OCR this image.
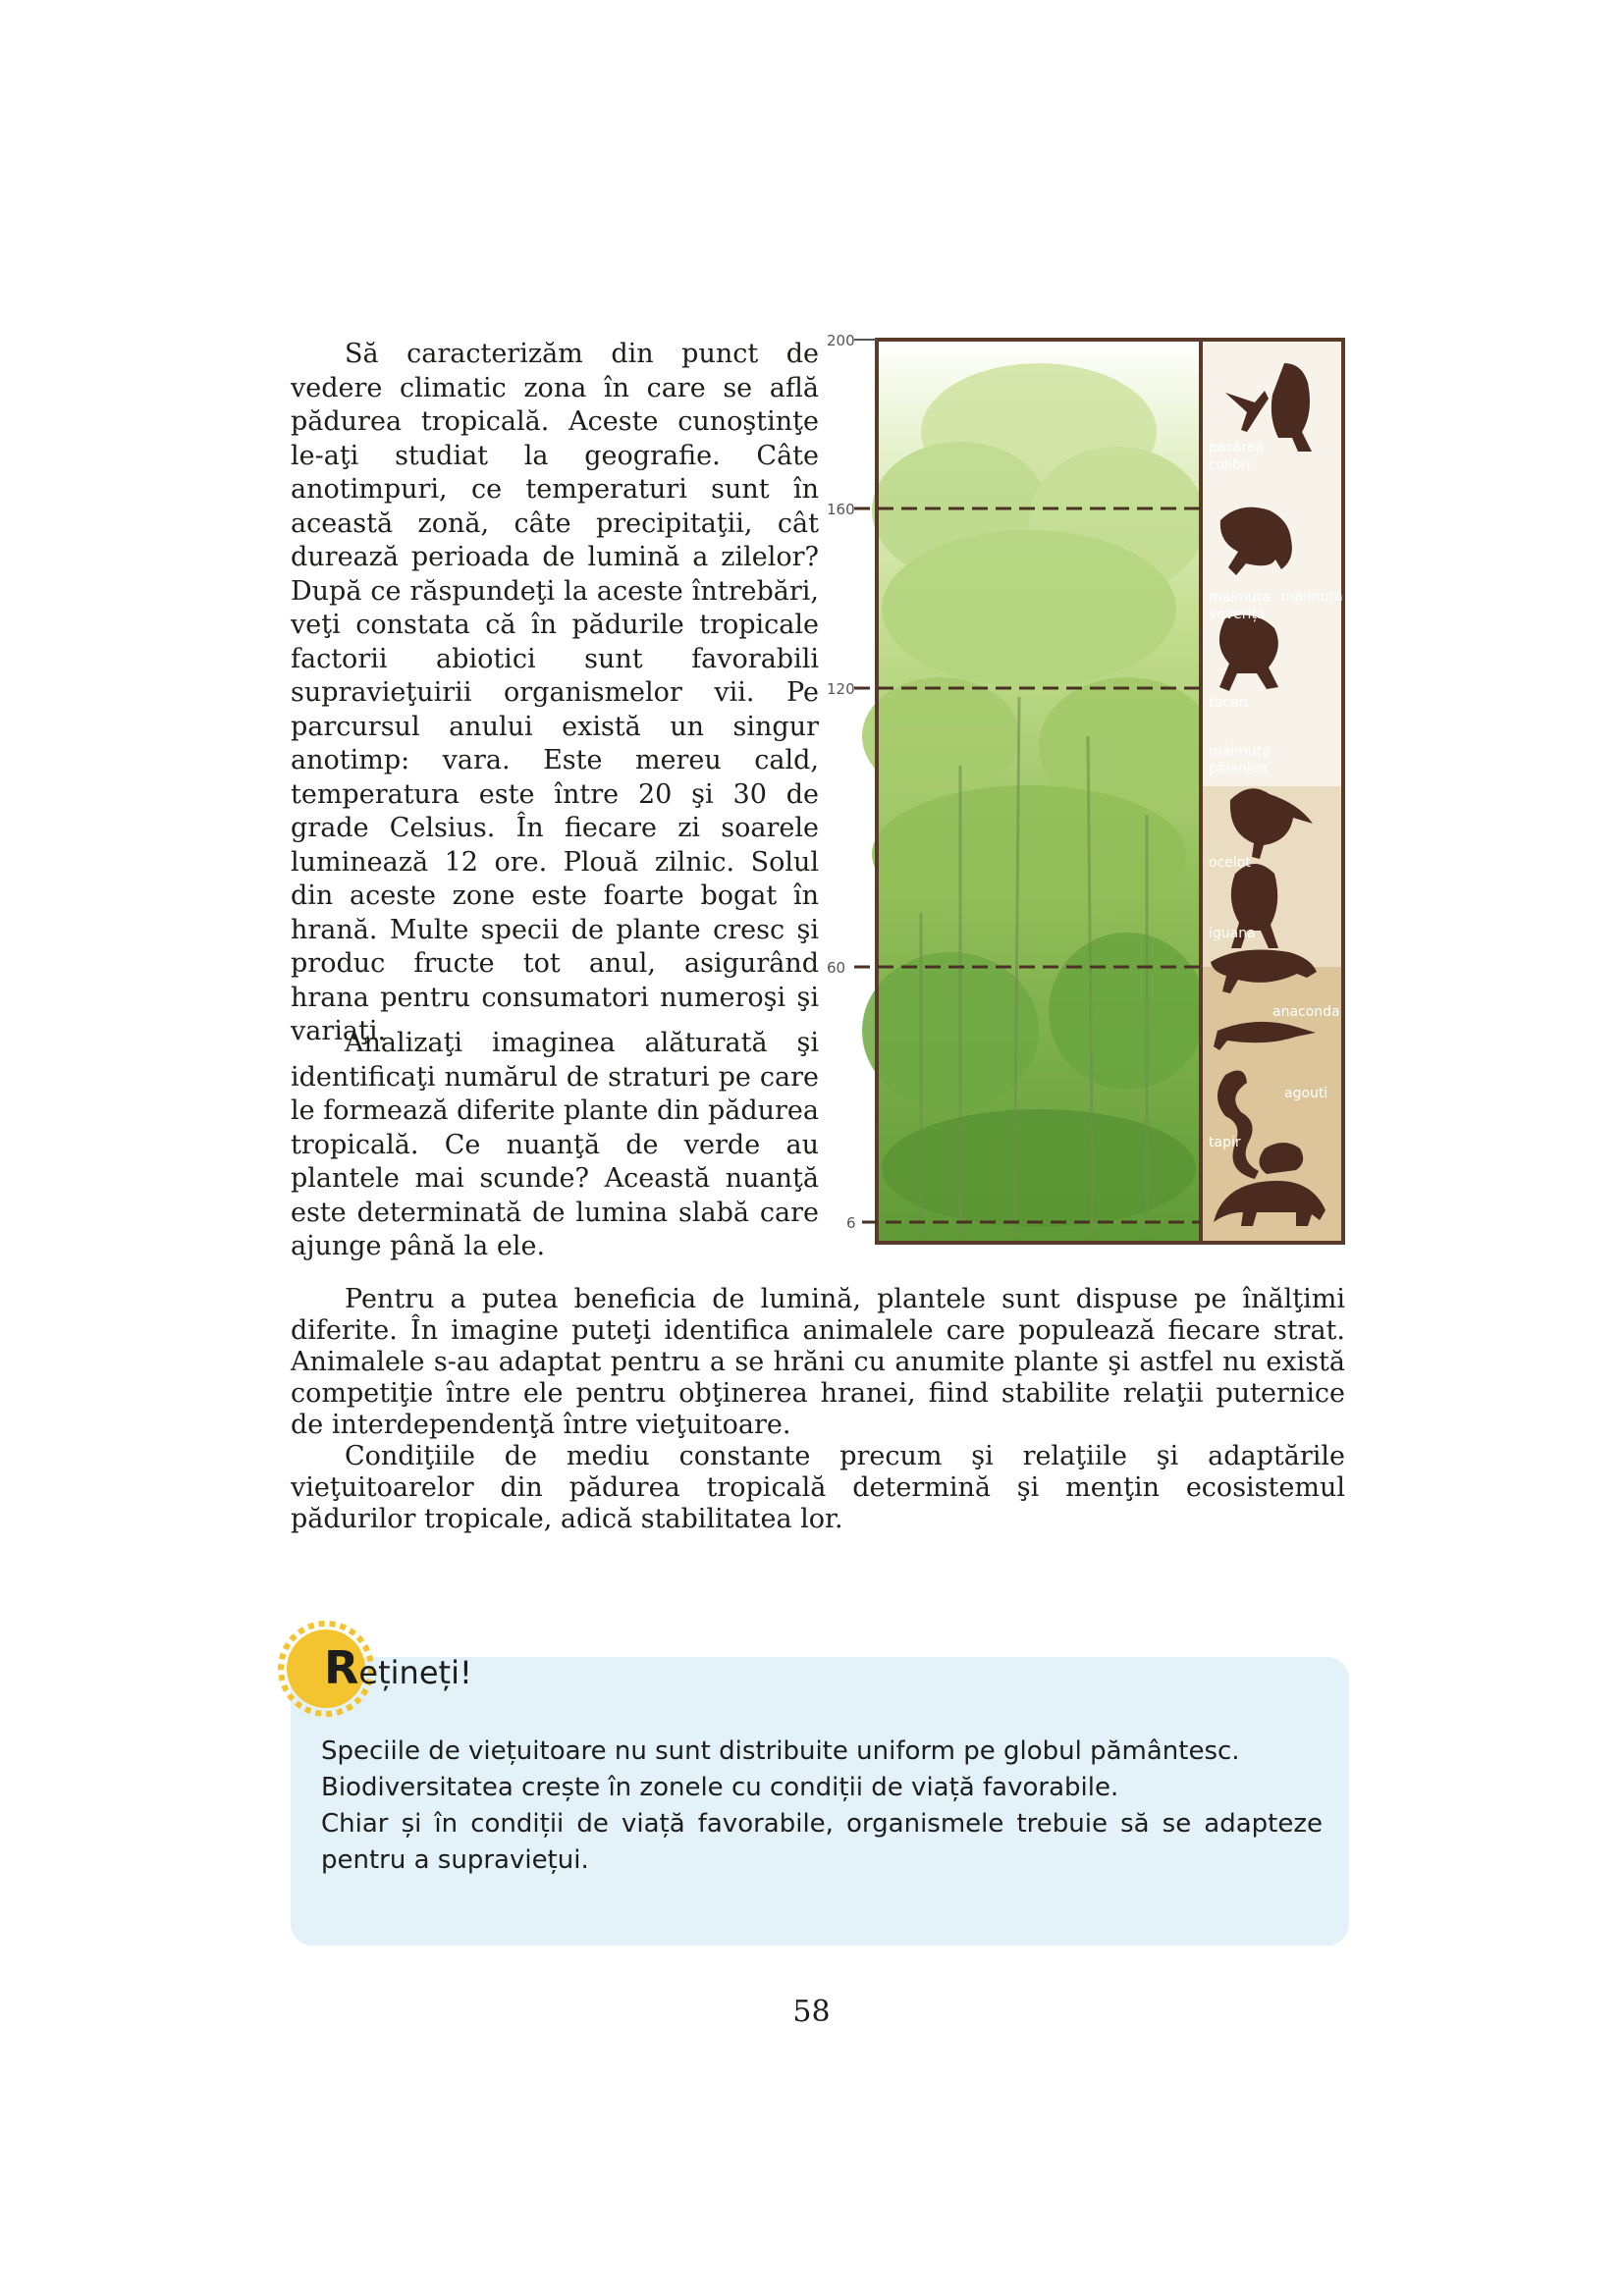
Să caracterizăm din punct de vedere climatic zona în care se află pădurea tropicală. Aceste cunoştinţe le-aţi studiat la geografie. Câte anotimpuri, ce temperaturi sunt în această zonă, câte precipitaţii, cât durează perioada de lumină a zilelor? După ce răspundeţi la aceste întrebări, veţi constata că în pădurile tropicale factorii abiotici sunt favorabili supravieţuirii organismelor vii. Pe parcursul anului există un singur anotimp: vara. Este mereu cald, temperatura este între 20 şi 30 de grade Celsius. În fiecare zi soarele luminează 12 ore. Plouă zilnic. Solul din aceste zone este foarte bogat în hrană. Multe specii de plante cresc şi produc fructe tot anul, asigurând hrana pentru consumatori numeroşi şi variaţi.

Analizaţi imaginea alăturată şi identificaţi numărul de straturi pe care le formează diferite plante din pădurea tropicală. Ce nuanţă de verde au plantele mai scunde? Această nuanţă este determinată de lumina slabă care ajunge până la ele.

200
160
120
60
6
pasărea
colibri
maimuța
veveriță
maimuța
tucan
maimuța
păianjen
ocelot
iguana
anaconda
agouti
tapir

Pentru a putea beneficia de lumină, plantele sunt dispuse pe înălţimi diferite. În imagine puteţi identifica animalele care populează fiecare strat. Animalele s-au adaptat pentru a se hrăni cu anumite plante şi astfel nu există competiţie între ele pentru obţinerea hranei, fiind stabilite relaţii puternice de interdependenţă între vieţuitoare.

Condiţiile de mediu constante precum şi relaţiile şi adaptările vieţuitoarelor din pădurea tropicală determină şi menţin ecosistemul pădurilor tropicale, adică stabilitatea lor.

Rețineți!
Speciile de viețuitoare nu sunt distribuite uniform pe globul pământesc.
Biodiversitatea crește în zonele cu condiții de viață favorabile.
Chiar și în condiții de viață favorabile, organismele trebuie să se adapteze pentru a supraviețui.
58
